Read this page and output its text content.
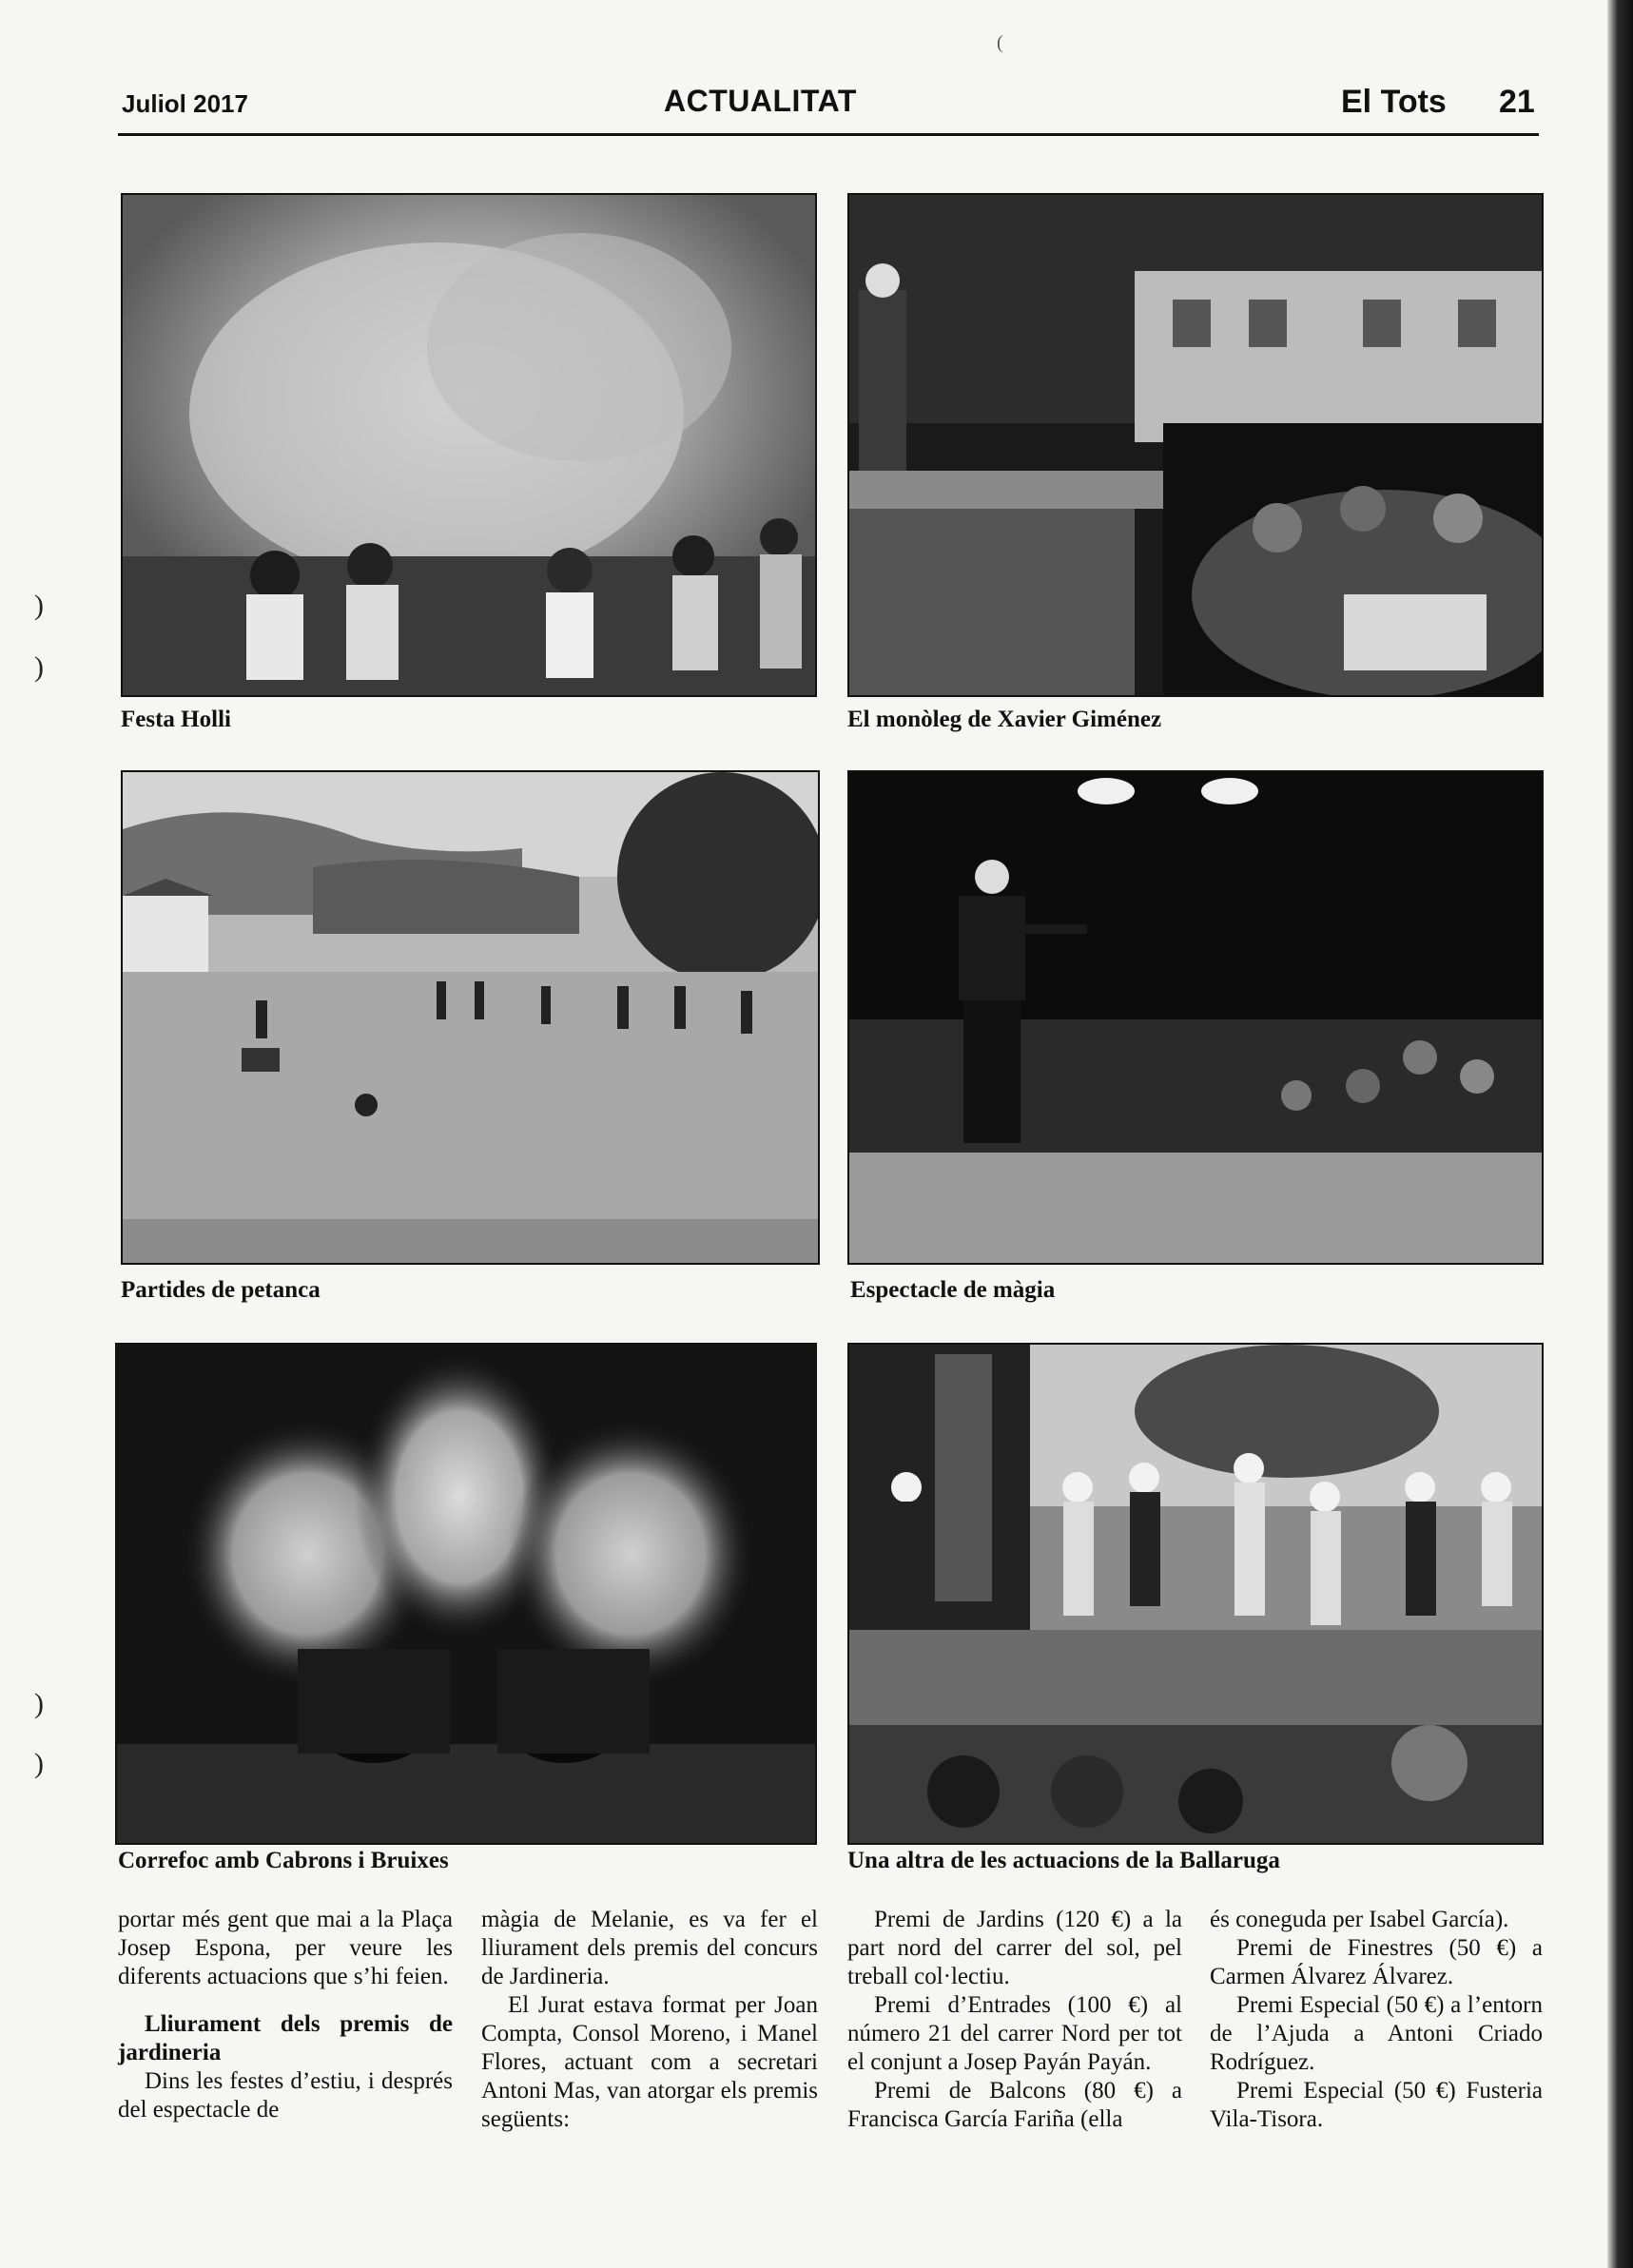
(
Juliol 2017	ACTUALITAT	El Tots 21
)
)
)
)
Festa Holli	El monòleg de Xavier Giménez
Partides de petanca	Espectacle de màgia
Correfoc amb Cabrons i Bruixes	Una altra de les actuacions de la Ballaruga

portar més gent que mai a la Plaça Josep Espona, per veure les diferents actuacions que s’hi feien.

Lliurament dels premis de jardineria

Dins les festes d’estiu, i després del espectacle de

màgia de Melanie, es va fer el lliurament dels premis del concurs de Jardineria.

El Jurat estava format per Joan Compta, Consol Moreno, i Manel Flores, actuant com a secretari Antoni Mas, van atorgar els premis següents:

Premi de Jardins (120 €) a la part nord del carrer del sol, pel treball col·lectiu.

Premi d’Entrades (100 €) al número 21 del carrer Nord per tot el conjunt a Josep Payán Payán.

Premi de Balcons (80 €) a Francisca García Fariña (ella

és coneguda per Isabel García).

Premi de Finestres (50 €) a Carmen Álvarez Álvarez.

Premi Especial (50 €) a l’entorn de l’Ajuda a Antoni Criado Rodríguez.

Premi Especial (50 €) Fusteria Vila-Tisora.
